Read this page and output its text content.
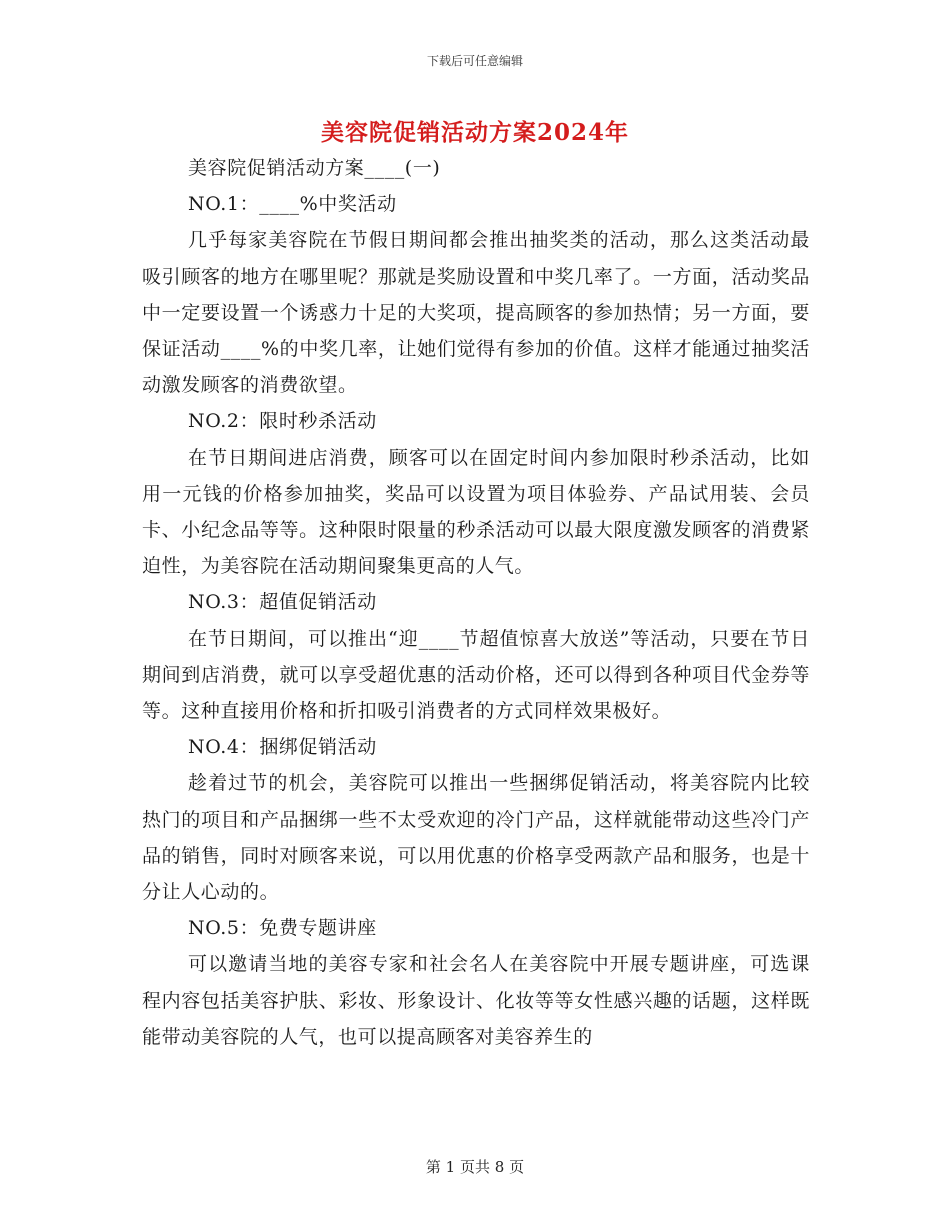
下载后可任意编辑
美容院促销活动方案2024年

美容院促销活动方案____(一)

NO.1：____%中奖活动

几乎每家美容院在节假日期间都会推出抽奖类的活动，那么这类活动最吸引顾客的地方在哪里呢？那就是奖励设置和中奖几率了。一方面，活动奖品中一定要设置一个诱惑力十足的大奖项，提高顾客的参加热情；另一方面，要保证活动____%的中奖几率，让她们觉得有参加的价值。这样才能通过抽奖活动激发顾客的消费欲望。

NO.2：限时秒杀活动

在节日期间进店消费，顾客可以在固定时间内参加限时秒杀活动，比如用一元钱的价格参加抽奖，奖品可以设置为项目体验券、产品试用装、会员卡、小纪念品等等。这种限时限量的秒杀活动可以最大限度激发顾客的消费紧迫性，为美容院在活动期间聚集更高的人气。

NO.3：超值促销活动

在节日期间，可以推出“迎____节超值惊喜大放送”等活动，只要在节日期间到店消费，就可以享受超优惠的活动价格，还可以得到各种项目代金券等等。这种直接用价格和折扣吸引消费者的方式同样效果极好。

NO.4：捆绑促销活动

趁着过节的机会，美容院可以推出一些捆绑促销活动，将美容院内比较热门的项目和产品捆绑一些不太受欢迎的冷门产品，这样就能带动这些冷门产品的销售，同时对顾客来说，可以用优惠的价格享受两款产品和服务，也是十分让人心动的。

NO.5：免费专题讲座

可以邀请当地的美容专家和社会名人在美容院中开展专题讲座，可选课程内容包括美容护肤、彩妆、形象设计、化妆等等女性感兴趣的话题，这样既能带动美容院的人气，也可以提高顾客对美容养生的

第 1 页共 8 页
